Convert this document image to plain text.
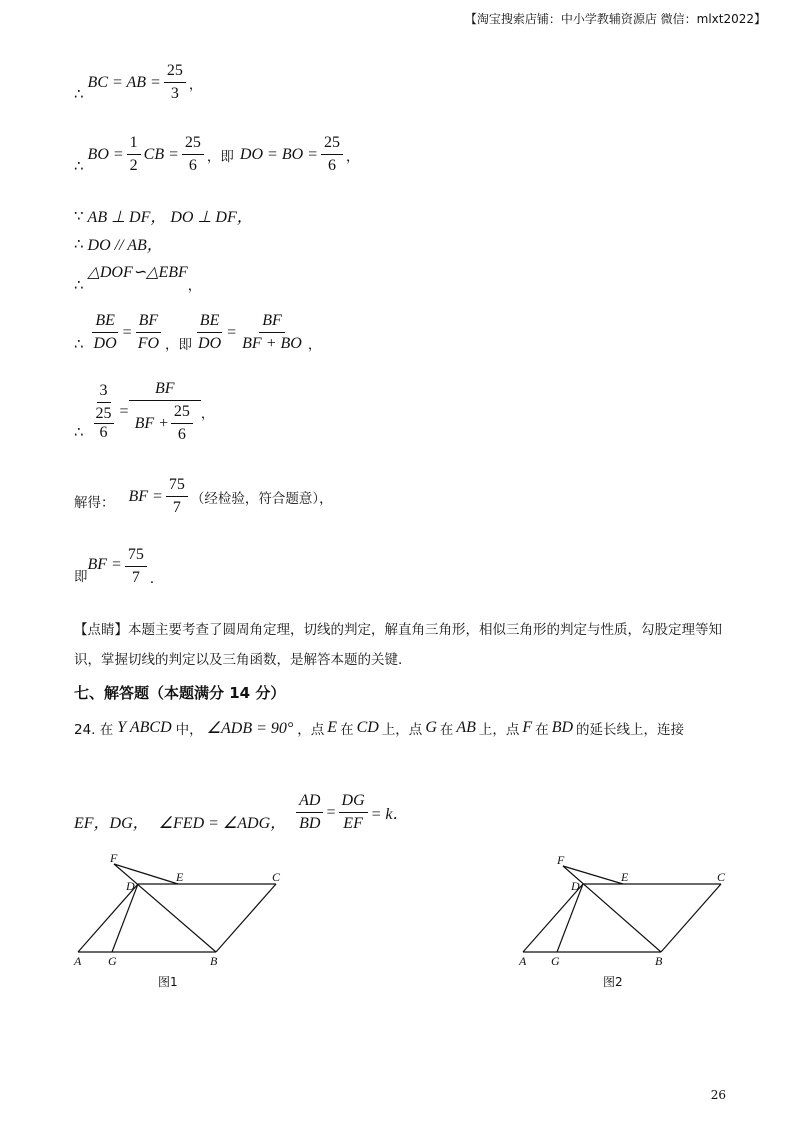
【淘宝搜索店铺：中小学教辅资源店 微信：mlxt2022】
∴
BC = AB = $\frac{25}{3}$ ，
∴
BO = $\frac{1}{2}$ CB = $\frac{25}{6}$ ，即 DO = BO = $\frac{25}{6}$ ，
∵ AB ⊥ DF， DO ⊥ DF，
∴ DO // AB，
∴
△DOF∽△EBF
，
∴ $\frac{BE}{DO} = \frac{BF}{FO}$ ，即 $\frac{BE}{DO} = \frac{BF}{BF + BO}$ ，
∴ 3
25
$6 = \frac{BF}{BF + \frac{25}{6}}$ ，
解得： BF = $\frac{75}{7}$ （经检验，符合题意），
即
BF = $\frac{75}{7}$ ．
【点睛】本题主要考查了圆周角定理，切线的判定，解直角三角形，相似三角形的判定与性质，勾股定理等知识，掌握切线的判定以及三角函数，是解答本题的关键.
七、解答题（本题满分 14 分）
24. 在 Y ABCD 中， ∠ADB = 90° ，点 E 在 CD 上，点 G 在 AB 上，点 F 在 BD 的延长线上，连接
EF，DG， ∠FED = ∠ADG， $\frac{AD}{BD} = \frac{DG}{EF} = k$．
F
D
E	C
A G	B
图1
F
D
E	C
A G	B
图2
26
